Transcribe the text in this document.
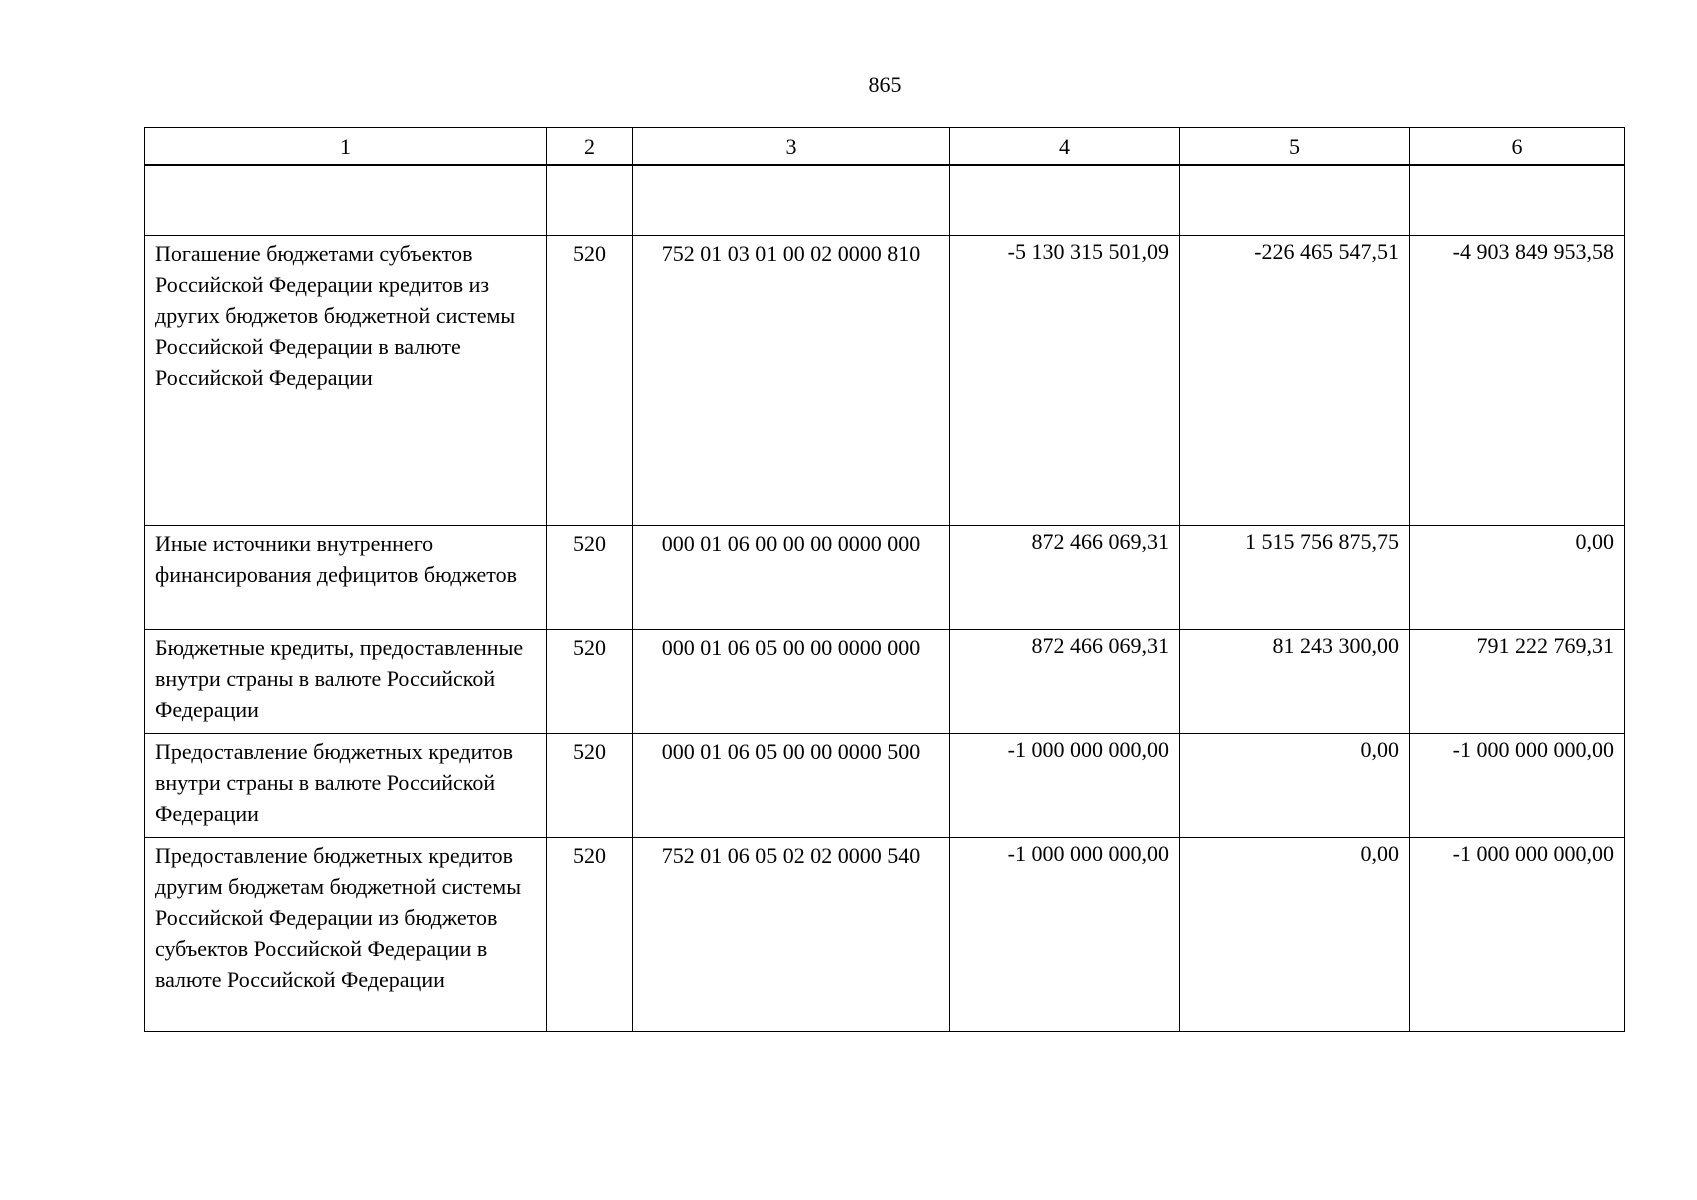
865
1	2	3	4	5	6

Погашение бюджетами субъектов Российской Федерации кредитов из других бюджетов бюджетной системы Российской Федерации в валюте Российской Федерации	520	752 01 03 01 00 02 0000 810	-5 130 315 501,09	-226 465 547,51	-4 903 849 953,58
Иные источники внутреннего финансирования дефицитов бюджетов	520	000 01 06 00 00 00 0000 000	872 466 069,31	1 515 756 875,75	0,00
Бюджетные кредиты, предоставленные внутри страны в валюте Российской Федерации	520	000 01 06 05 00 00 0000 000	872 466 069,31	81 243 300,00	791 222 769,31
Предоставление бюджетных кредитов внутри страны в валюте Российской Федерации	520	000 01 06 05 00 00 0000 500	-1 000 000 000,00	0,00	-1 000 000 000,00
Предоставление бюджетных кредитов другим бюджетам бюджетной системы Российской Федерации из бюджетов субъектов Российской Федерации в валюте Российской Федерации	520	752 01 06 05 02 02 0000 540	-1 000 000 000,00	0,00	-1 000 000 000,00
